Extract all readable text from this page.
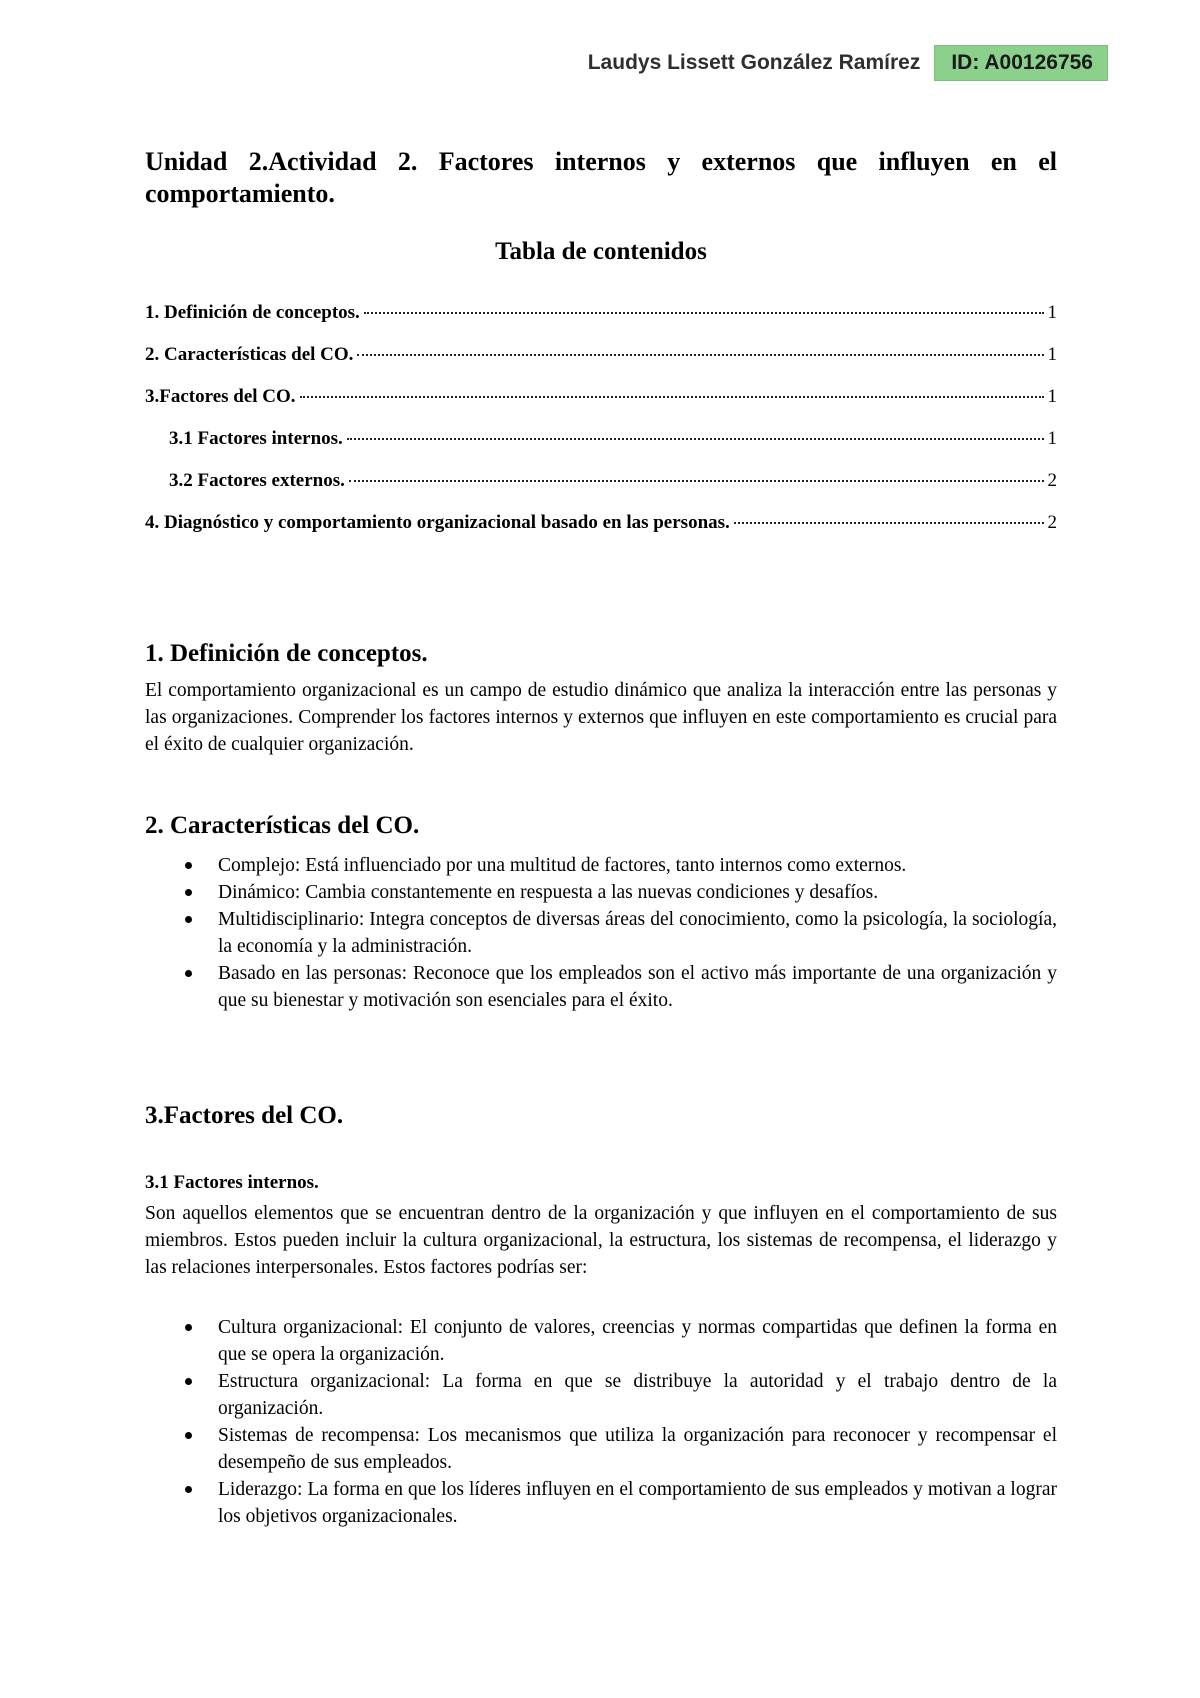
Laudys Lissett González Ramírez	ID: A00126756
Unidad 2.Actividad 2. Factores internos y externos que influyen en el comportamiento.
Tabla de contenidos
1. Definición de conceptos.	1
2. Características del CO.	1
3.Factores del CO.	1
3.1 Factores internos.	1
3.2 Factores externos.	2
4. Diagnóstico y comportamiento organizacional basado en las personas.	2
1. Definición de conceptos.

El comportamiento organizacional es un campo de estudio dinámico que analiza la interacción entre las personas y las organizaciones. Comprender los factores internos y externos que influyen en este comportamiento es crucial para el éxito de cualquier organización.

2. Características del CO.
Complejo: Está influenciado por una multitud de factores, tanto internos como externos.
Dinámico: Cambia constantemente en respuesta a las nuevas condiciones y desafíos.
Multidisciplinario: Integra conceptos de diversas áreas del conocimiento, como la psicología, la sociología, la economía y la administración.
Basado en las personas: Reconoce que los empleados son el activo más importante de una organización y que su bienestar y motivación son esenciales para el éxito.
3.Factores del CO.
3.1 Factores internos.

Son aquellos elementos que se encuentran dentro de la organización y que influyen en el comportamiento de sus miembros. Estos pueden incluir la cultura organizacional, la estructura, los sistemas de recompensa, el liderazgo y las relaciones interpersonales. Estos factores podrías ser:

Cultura organizacional: El conjunto de valores, creencias y normas compartidas que definen la forma en que se opera la organización.
Estructura organizacional: La forma en que se distribuye la autoridad y el trabajo dentro de la organización.
Sistemas de recompensa: Los mecanismos que utiliza la organización para reconocer y recompensar el desempeño de sus empleados.
Liderazgo: La forma en que los líderes influyen en el comportamiento de sus empleados y motivan a lograr los objetivos organizacionales.
